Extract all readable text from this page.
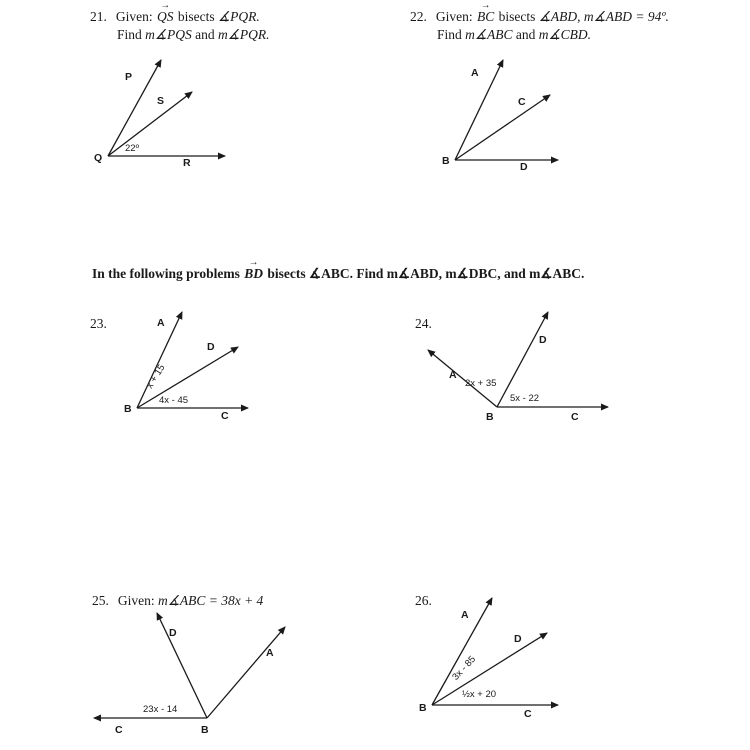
21. Given:
→
QS bisects ∡PQR.
Find m∡PQS and m∡PQR.
22. Given:
→
BC bisects ∡ABD, m∡ABD = 94º.
Find m∡ABC and m∡CBD.
P
S
Q	R
22º
A
C
B	D
In the following problems
→
BD bisects ∡ABC. Find m∡ABD, m∡DBC, and m∡ABC.
23.	A
D
B
C
x + 15
4x - 45
24.
A
D
B	C
2x + 35
5x - 22
25. Given: m∡ABC = 38x + 4
D
A
C	B
23x - 14
26.
A
D
B	C
3x - 85
½x + 20
